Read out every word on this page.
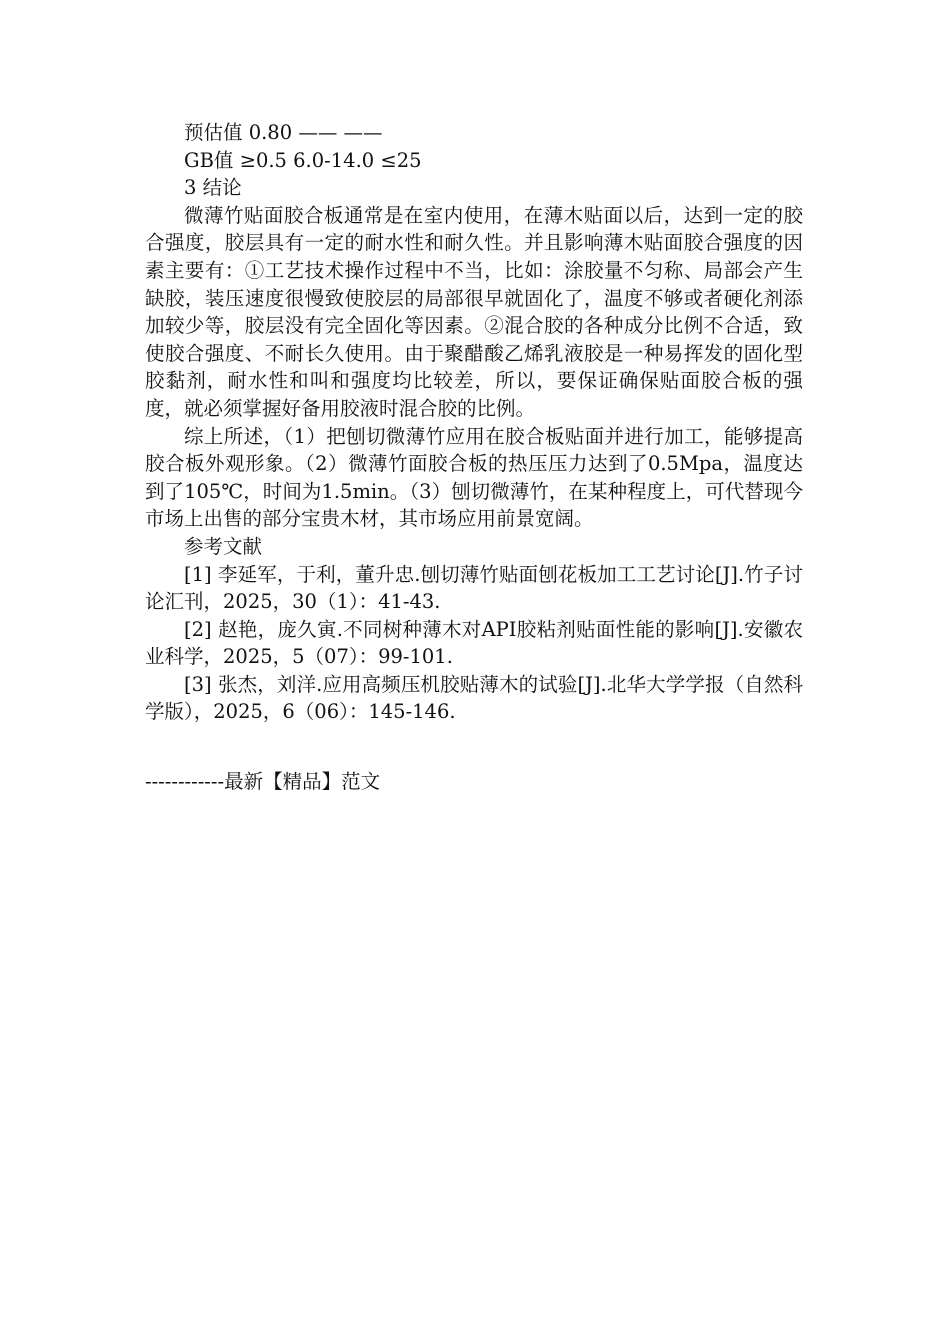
预估值 0.80 —— ——

GB值 ≥0.5 6.0-14.0 ≤25

3 结论

微薄竹贴面胶合板通常是在室内使用，在薄木贴面以后，达到一定的胶合强度，胶层具有一定的耐水性和耐久性。并且影响薄木贴面胶合强度的因素主要有：①工艺技术操作过程中不当，比如：涂胶量不匀称、局部会产生缺胶，装压速度很慢致使胶层的局部很早就固化了，温度不够或者硬化剂添加较少等，胶层没有完全固化等因素。②混合胶的各种成分比例不合适，致使胶合强度、不耐长久使用。由于聚醋酸乙烯乳液胶是一种易挥发的固化型胶黏剂，耐水性和叫和强度均比较差，所以，要保证确保贴面胶合板的强度，就必须掌握好备用胶液时混合胶的比例。

综上所述，（1）把刨切微薄竹应用在胶合板贴面并进行加工，能够提高胶合板外观形象。（2）微薄竹面胶合板的热压压力达到了0.5Mpa，温度达到了105℃，时间为1.5min。（3）刨切微薄竹，在某种程度上，可代替现今市场上出售的部分宝贵木材，其市场应用前景宽阔。

参考文献

[1] 李延军，于利，董升忠.刨切薄竹贴面刨花板加工工艺讨论[J].竹子讨论汇刊，2025，30（1）：41-43.

[2] 赵艳，庞久寅.不同树种薄木对API胶粘剂贴面性能的影响[J].安徽农业科学，2025，5（07）：99-101.

[3] 张杰，刘洋.应用高频压机胶贴薄木的试验[J].北华大学学报（自然科学版），2025，6（06）：145-146.

------------最新【精品】范文
